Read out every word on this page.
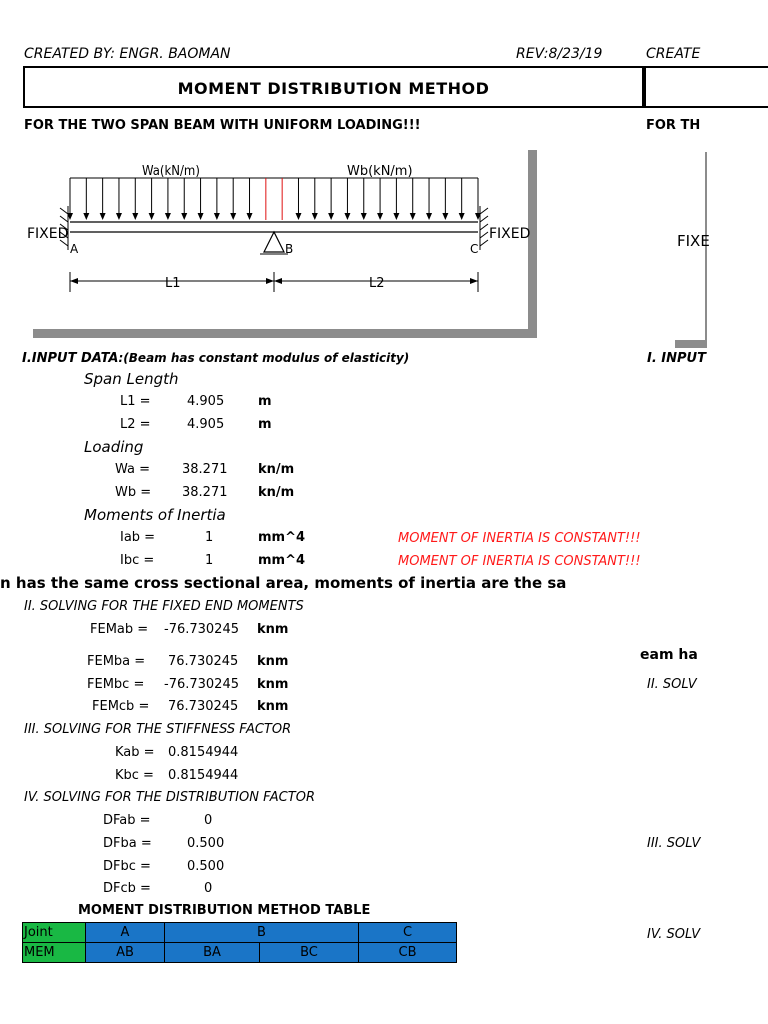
CREATED BY: ENGR. BAOMAN	REV:8/23/19	CREATE
MOMENT DISTRIBUTION METHOD
FOR THE TWO SPAN BEAM WITH UNIFORM LOADING!!!	FOR TH
Wa(kN/m)	Wb(kN/m)
FIXED	FIXED
A	B	C
L1	L2
FIXE
I.INPUT DATA:(Beam has constant modulus of elasticity)	I. INPUT
Span Length
L1 =	4.905	m
L2 =	4.905	m
Loading
Wa = 38.271 kn/m
Wb = 38.271 kn/m
Moments of Inertia
Iab =	1	mm^4	MOMENT OF INERTIA IS CONSTANT!!!
Ibc =	1	mm^4	MOMENT OF INERTIA IS CONSTANT!!!
n has the same cross sectional area, moments of inertia are the sa
II. SOLVING FOR THE FIXED END MOMENTS
FEMab = -76.730245 knm
eam ha
FEMba = 76.730245 knm
FEMbc = -76.730245 knm	II. SOLV
FEMcb = 76.730245 knm
III. SOLVING FOR THE STIFFNESS FACTOR
Kab = 0.8154944
Kbc = 0.8154944
IV. SOLVING FOR THE DISTRIBUTION FACTOR
DFab =	0
DFba =	0.500	III. SOLV
DFbc =	0.500
DFcb =	0
MOMENT DISTRIBUTION METHOD TABLE
IV. SOLV
Joint	A	B		C
MEM	AB	BA	BC	CB
